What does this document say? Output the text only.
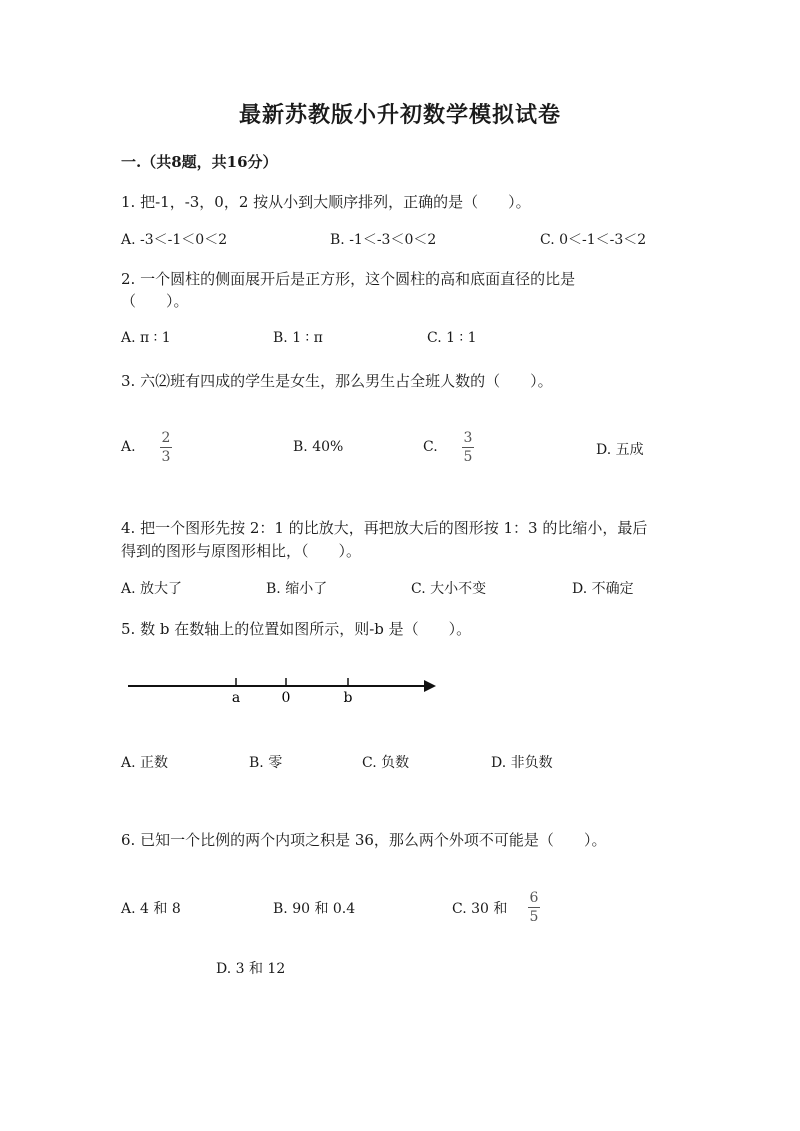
最新苏教版小升初数学模拟试卷
一.（共8题，共16分）
1. 把-1，-3，0，2 按从小到大顺序排列，正确的是（　　）。
A. -3＜-1＜0＜2	B. -1＜-3＜0＜2	C. 0＜-1＜-3＜2
2. 一个圆柱的侧面展开后是正方形，这个圆柱的高和底面直径的比是
（　　）。
A. π ∶ 1	B. 1 ∶ π	C. 1 ∶ 1
3. 六⑵班有四成的学生是女生，那么男生占全班人数的（　　）。
A.
2
3
B. 40%	C.
3
5	D. 五成
4. 把一个图形先按 2：1 的比放大，再把放大后的图形按 1：3 的比缩小，最后
得到的图形与原图形相比，（　　）。
A. 放大了	B. 缩小了	C. 大小不变	D. 不确定
5. 数 b 在数轴上的位置如图所示，则-b 是（　　）。
a	0	b
A. 正数	B. 零	C. 负数	D. 非负数
6. 已知一个比例的两个内项之积是 36，那么两个外项不可能是（　　）。
A. 4 和 8	B. 90 和 0.4	C. 30 和
6
5
D. 3 和 12
